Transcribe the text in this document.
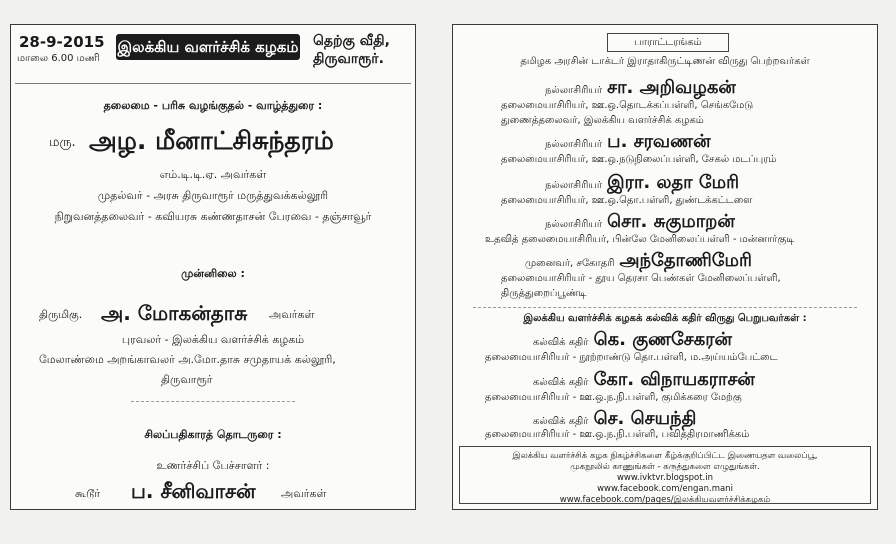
28-9-2015
மாலை 6.00 மணி
இலக்கிய வளர்ச்சிக் கழகம் தெற்கு வீதி,
திருவாரூர்.
தலைமை - பரிசு வழங்குதல் - வாழ்த்துரை :
மரு. அழ. மீனாட்சிசுந்தரம்
எம்.டி.டி.ஏ. அவர்கள்
முதல்வர் - அரசு திருவாரூர் மருத்துவக்கல்லூரி
நிறுவனத்தலைவர் - கவியரசு கண்ணதாசன் பேரவை - தஞ்சாவூர்
முன்னிலை :
திருமிகு. அ. மோகன்தாசு அவர்கள்
புரவலர் - இலக்கிய வளர்ச்சிக் கழகம்
மேலாண்மை அறங்காவலர் அ.மோ.தாசு சமுதாயக் கல்லூரி,
திருவாரூர்
சிலப்பதிகாரத் தொடருரை :
உணர்ச்சிப் பேச்சாளர் :
கூடூர் ப. சீனிவாசன் அவர்கள்
பாராட்டரங்கம்
தமிழக அரசின் டாக்டர் இராதாகிருட்டிணன் விருது பெற்றவர்கள்
நல்லாசிரியர் சா. அறிவழகன்
தலைமையாசிரியர், ஊ.ஒ.தொடக்கப்பள்ளி, செங்கமேடு
துணைத்தலைவர், இலக்கிய வளர்ச்சிக் கழகம்
நல்லாசிரியர் ப. சரவணன்
தலைமையாசிரியர், ஊ.ஒ.நடுநிலைப்பள்ளி, சேகல் மடப்புரம்
நல்லாசிரியர் இரா. லதா மேரி
தலைமையாசிரியர், ஊ.ஒ.தொ.பள்ளி, துண்டக்கட்டளை
நல்லாசிரியர் சொ. சுகுமாறன்
உதவித் தலைமையாசிரியர், பின்லே மேனிலைப்பள்ளி - மன்னார்குடி
முனைவர், சகோதரி அந்தோணிமேரி
தலைமையாசிரியர் - தூய தெரசா பெண்கள் மேனிலைப்பள்ளி,
திருத்துறைப்பூண்டி
இலக்கிய வளர்ச்சிக் கழகக் கல்விக் கதிர் விருது பெறுபவர்கள் :
கல்விக் கதிர் கெ. குணசேகரன்
தலைமையாசிரியர் - நூற்றாண்டு தொ.பள்ளி, ம.அய்யம்பேட்டை
கல்விக் கதிர் கோ. விநாயகராசன்
தலைமையாசிரியர் - ஊ.ஒ.ந.நி.பள்ளி, குமிக்கரை மேற்கு
கல்விக் கதிர் செ. செயந்தி
தலைமையாசிரியர் - ஊ.ஒ.ந.நி.பள்ளி, பவித்திரமாணிக்கம்
இலக்கிய வளர்ச்சிக் கழக நிகழ்ச்சிகளை கீழ்க்குறிப்பிட்ட இணையதள வலைப்பூ,
முகநூலில் காணுங்கள் - கருத்துகளை எழுதுங்கள்.
www.ivktvr.blogspot.in
www.facebook.com/engan.mani
www.facebook.com/pages/இலக்கியவளர்ச்சிக்கழகம்
